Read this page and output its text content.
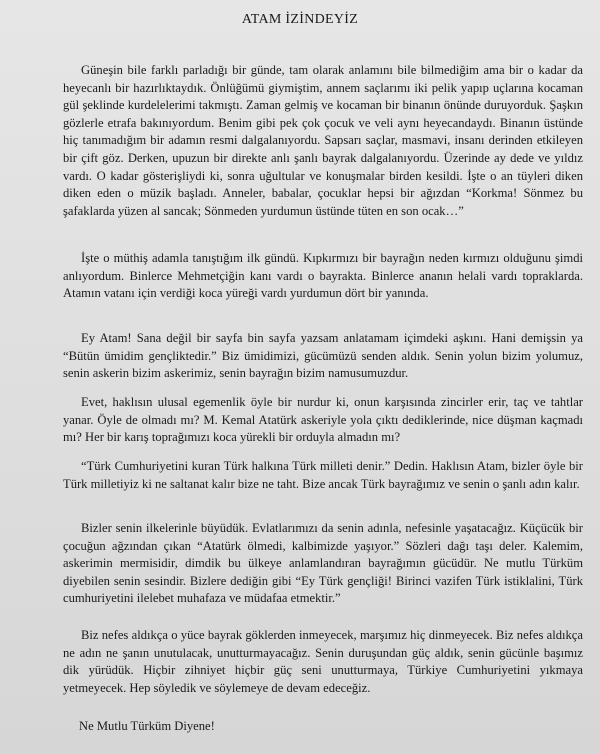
ATAM İZİNDEYİZ

Güneşin bile farklı parladığı bir günde, tam olarak anlamını bile bilmediğim ama bir o kadar da heyecanlı bir hazırlıktaydık. Önlüğümü giymiştim, annem saçlarımı iki pelik yapıp uçlarına kocaman gül şeklinde kurdelelerimi takmıştı. Zaman gelmiş ve kocaman bir binanın önünde duruyorduk. Şaşkın gözlerle etrafa bakınıyordum. Benim gibi pek çok çocuk ve veli aynı heyecandaydı. Binanın üstünde hiç tanımadığım bir adamın resmi dalgalanıyordu. Sapsarı saçlar, masmavi, insanı derinden etkileyen bir çift göz. Derken, upuzun bir direkte anlı şanlı bayrak dalgalanıyordu. Üzerinde ay dede ve yıldız vardı. O kadar gösterişliydi ki, sonra uğultular ve konuşmalar birden kesildi. İşte o an tüyleri diken diken eden o müzik başladı. Anneler, babalar, çocuklar hepsi bir ağızdan “Korkma! Sönmez bu şafaklarda yüzen al sancak; Sönmeden yurdumun üstünde tüten en son ocak…”

İşte o müthiş adamla tanıştığım ilk gündü. Kıpkırmızı bir bayrağın neden kırmızı olduğunu şimdi anlıyordum. Binlerce Mehmetçiğin kanı vardı o bayrakta. Binlerce ananın helali vardı topraklarda. Atamın vatanı için verdiği koca yüreği vardı yurdumun dört bir yanında.

Ey Atam! Sana değil bir sayfa bin sayfa yazsam anlatamam içimdeki aşkını. Hani demişsin ya “Bütün ümidim gençliktedir.” Biz ümidimizi, gücümüzü senden aldık. Senin yolun bizim yolumuz, senin askerin bizim askerimiz, senin bayrağın bizim namusumuzdur.

Evet, haklısın ulusal egemenlik öyle bir nurdur ki, onun karşısında zincirler erir, taç ve tahtlar yanar. Öyle de olmadı mı? M. Kemal Atatürk askeriyle yola çıktı dediklerinde, nice düşman kaçmadı mı? Her bir karış toprağımızı koca yürekli bir orduyla almadın mı?

“Türk Cumhuriyetini kuran Türk halkına Türk milleti denir.” Dedin. Haklısın Atam, bizler öyle bir Türk milletiyiz ki ne saltanat kalır bize ne taht. Bize ancak Türk bayrağımız ve senin o şanlı adın kalır.

Bizler senin ilkelerinle büyüdük. Evlatlarımızı da senin adınla, nefesinle yaşatacağız. Küçücük bir çocuğun ağzından çıkan “Atatürk ölmedi, kalbimizde yaşıyor.” Sözleri dağı taşı deler. Kalemim, askerimin mermisidir, dimdik bu ülkeye anlamlandıran bayrağımın gücüdür. Ne mutlu Türküm diyebilen senin sesindir. Bizlere dediğin gibi “Ey Türk gençliği! Birinci vazifen Türk istiklalini, Türk cumhuriyetini ilelebet muhafaza ve müdafaa etmektir.”

Biz nefes aldıkça o yüce bayrak göklerden inmeyecek, marşımız hiç dinmeyecek. Biz nefes aldıkça ne adın ne şanın unutulacak, unutturmayacağız. Senin duruşundan güç aldık, senin gücünle başımız dik yürüdük. Hiçbir zihniyet hiçbir güç seni unutturmaya, Türkiye Cumhuriyetini yıkmaya yetmeyecek. Hep söyledik ve söylemeye de devam edeceğiz.

Ne Mutlu Türküm Diyene!
